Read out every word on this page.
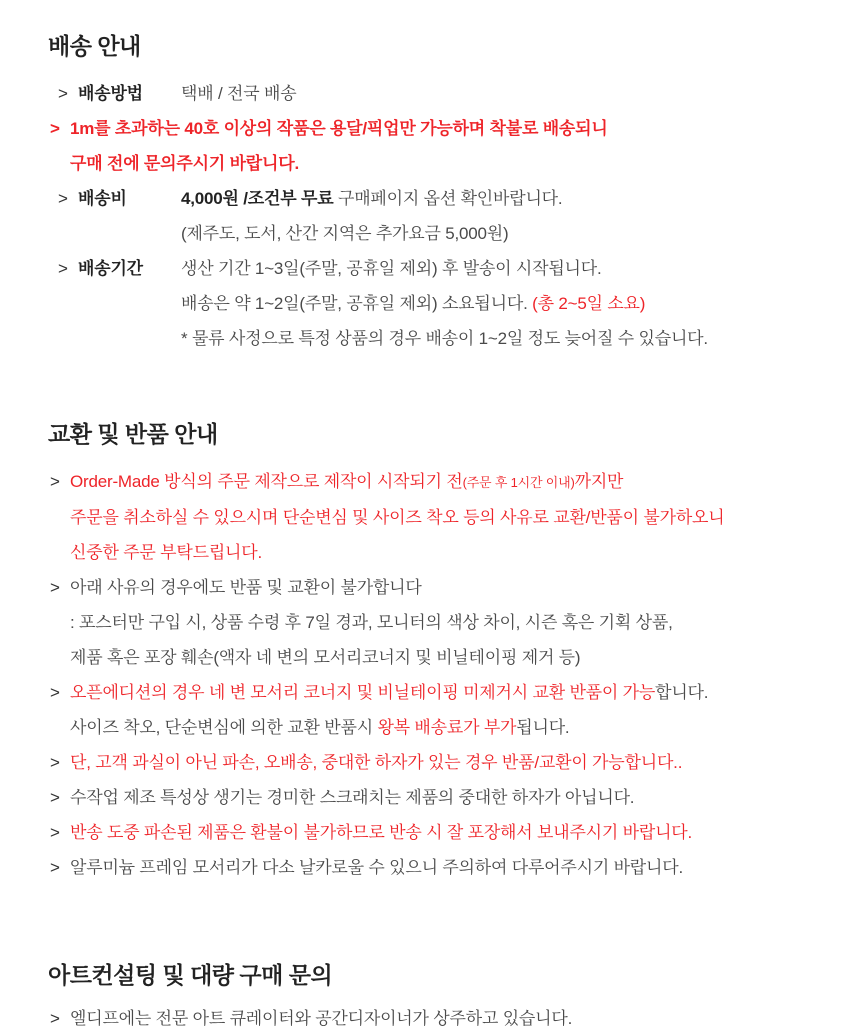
배송 안내
> 배송방법	택배 / 전국 배송
> 1m를 초과하는 40호 이상의 작품은 용달/픽업만 가능하며 착불로 배송되니
구매 전에 문의주시기 바랍니다.
> 배송비	4,000원 /조건부 무료 구매페이지 옵션 확인바랍니다.
(제주도, 도서, 산간 지역은 추가요금 5,000원)
> 배송기간	생산 기간 1~3일(주말, 공휴일 제외) 후 발송이 시작됩니다.
배송은 약 1~2일(주말, 공휴일 제외) 소요됩니다. (총 2~5일 소요)
* 물류 사정으로 특정 상품의 경우 배송이 1~2일 정도 늦어질 수 있습니다.
교환 및 반품 안내
> Order-Made 방식의 주문 제작으로 제작이 시작되기 전(주문 후 1시간 이내)까지만
주문을 취소하실 수 있으시며 단순변심 및 사이즈 착오 등의 사유로 교환/반품이 불가하오니
신중한 주문 부탁드립니다.
> 아래 사유의 경우에도 반품 및 교환이 불가합니다
: 포스터만 구입 시, 상품 수령 후 7일 경과, 모니터의 색상 차이, 시즌 혹은 기획 상품,
제품 혹은 포장 훼손(액자 네 변의 모서리코너지 및 비닐테이핑 제거 등)
> 오픈에디션의 경우 네 변 모서리 코너지 및 비닐테이핑 미제거시 교환 반품이 가능합니다.
사이즈 착오, 단순변심에 의한 교환 반품시 왕복 배송료가 부가됩니다.
> 단, 고객 과실이 아닌 파손, 오배송, 중대한 하자가 있는 경우 반품/교환이 가능합니다..
> 수작업 제조 특성상 생기는 경미한 스크래치는 제품의 중대한 하자가 아닙니다.
> 반송 도중 파손된 제품은 환불이 불가하므로 반송 시 잘 포장해서 보내주시기 바랍니다.
> 알루미늄 프레임 모서리가 다소 날카로울 수 있으니 주의하여 다루어주시기 바랍니다.
아트컨설팅 및 대량 구매 문의
> 엘디프에는 전문 아트 큐레이터와 공간디자이너가 상주하고 있습니다.
